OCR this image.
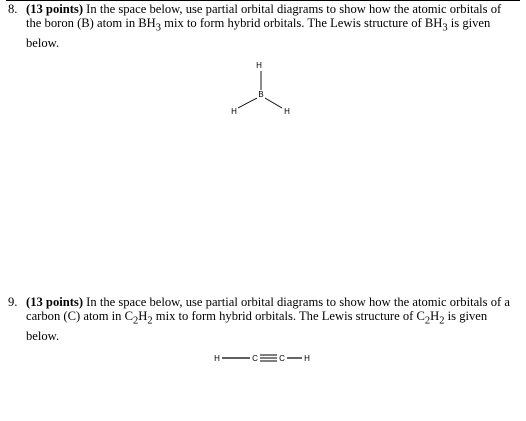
8. (13 points) In the space below, use partial orbital diagrams to show how the atomic orbitals of
the boron (B) atom in $BH_3$ mix to form hybrid orbitals. The Lewis structure of $BH_3$ is given
below.
H
B
H	H
9. (13 points) In the space below, use partial orbital diagrams to show how the atomic orbitals of a
carbon (C) atom in $C_2H_2$ mix to form hybrid orbitals. The Lewis structure of $C_2H_2$ is given
below.
H	C	C H
